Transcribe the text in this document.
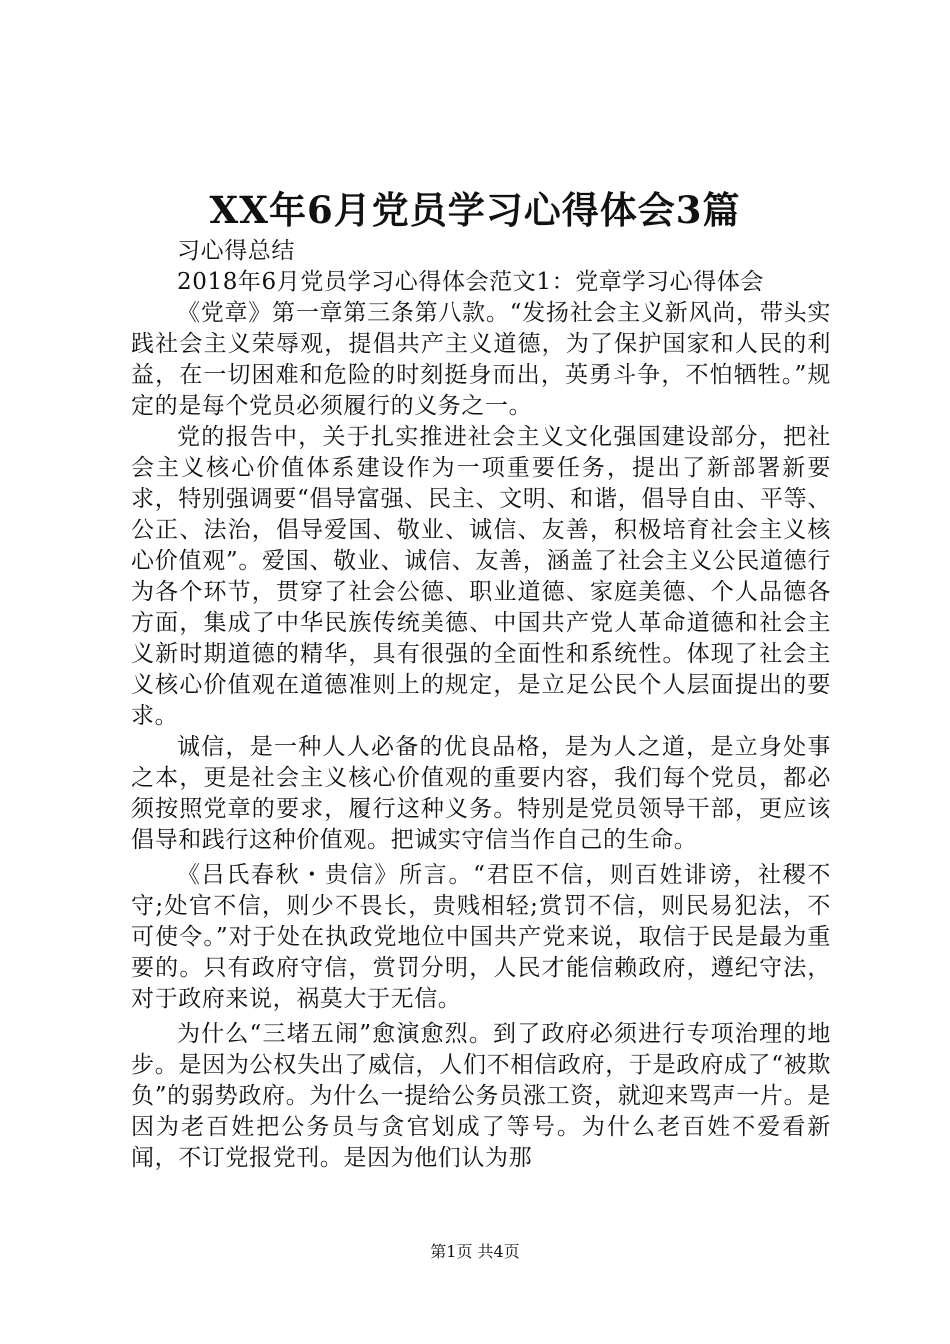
XX年6月党员学习心得体会3篇

习心得总结

2018年6月党员学习心得体会范文1：党章学习心得体会

《党章》第一章第三条第八款。“发扬社会主义新风尚，带头实践社会主义荣辱观，提倡共产主义道德，为了保护国家和人民的利益，在一切困难和危险的时刻挺身而出，英勇斗争，不怕牺牲。”规定的是每个党员必须履行的义务之一。

党的报告中，关于扎实推进社会主义文化强国建设部分，把社会主义核心价值体系建设作为一项重要任务，提出了新部署新要求，特别强调要“倡导富强、民主、文明、和谐，倡导自由、平等、公正、法治，倡导爱国、敬业、诚信、友善，积极培育社会主义核心价值观”。爱国、敬业、诚信、友善，涵盖了社会主义公民道德行为各个环节，贯穿了社会公德、职业道德、家庭美德、个人品德各方面，集成了中华民族传统美德、中国共产党人革命道德和社会主义新时期道德的精华，具有很强的全面性和系统性。体现了社会主义核心价值观在道德准则上的规定，是立足公民个人层面提出的要求。

诚信，是一种人人必备的优良品格，是为人之道，是立身处事之本，更是社会主义核心价值观的重要内容，我们每个党员，都必须按照党章的要求，履行这种义务。特别是党员领导干部，更应该倡导和践行这种价值观。把诚实守信当作自己的生命。

《吕氏春秋・贵信》所言。“君臣不信，则百姓诽谤，社稷不守;处官不信，则少不畏长，贵贱相轻;赏罚不信，则民易犯法，不可使令。”对于处在执政党地位中国共产党来说，取信于民是最为重要的。只有政府守信，赏罚分明，人民才能信赖政府，遵纪守法，对于政府来说，祸莫大于无信。

为什么“三堵五闹”愈演愈烈。到了政府必须进行专项治理的地步。是因为公权失出了威信，人们不相信政府，于是政府成了“被欺负”的弱势政府。为什么一提给公务员涨工资，就迎来骂声一片。是因为老百姓把公务员与贪官划成了等号。为什么老百姓不爱看新闻，不订党报党刊。是因为他们认为那

第1页 共4页
